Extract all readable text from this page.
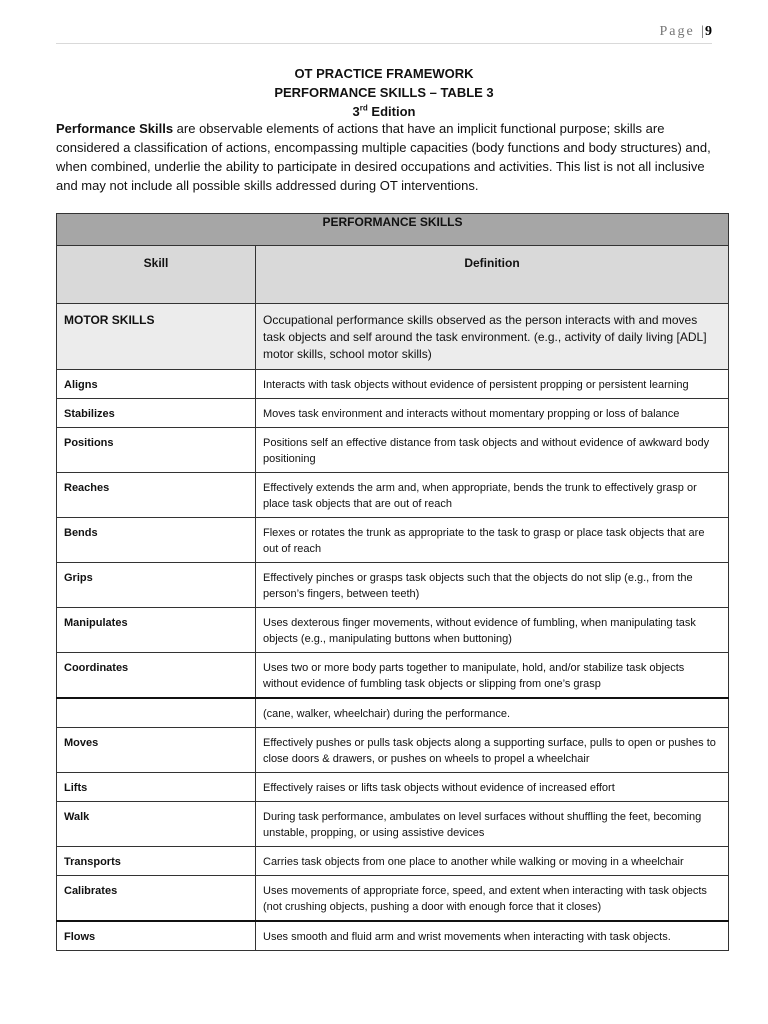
Page |9
OT PRACTICE FRAMEWORK
PERFORMANCE SKILLS – TABLE 3
3rd Edition

Performance Skills are observable elements of actions that have an implicit functional purpose; skills are considered a classification of actions, encompassing multiple capacities (body functions and body structures) and, when combined, underlie the ability to participate in desired occupations and activities. This list is not all inclusive and may not include all possible skills addressed during OT interventions.

PERFORMANCE SKILLS	
Skill	Definition
MOTOR SKILLS	Occupational performance skills observed as the person interacts with and moves task objects and self around the task environment. (e.g., activity of daily living [ADL] motor skills, school motor skills)
Aligns	Interacts with task objects without evidence of persistent propping or persistent learning
Stabilizes	Moves task environment and interacts without momentary propping or loss of balance
Positions	Positions self an effective distance from task objects and without evidence of awkward body positioning
Reaches	Effectively extends the arm and, when appropriate, bends the trunk to effectively grasp or place task objects that are out of reach
Bends	Flexes or rotates the trunk as appropriate to the task to grasp or place task objects that are out of reach
Grips	Effectively pinches or grasps task objects such that the objects do not slip (e.g., from the person’s fingers, between teeth)
Manipulates	Uses dexterous finger movements, without evidence of fumbling, when manipulating task objects (e.g., manipulating buttons when buttoning)
Coordinates	Uses two or more body parts together to manipulate, hold, and/or stabilize task objects without evidence of fumbling task objects or slipping from one’s grasp
	(cane, walker, wheelchair) during the performance.
Moves	Effectively pushes or pulls task objects along a supporting surface, pulls to open or pushes to close doors & drawers, or pushes on wheels to propel a wheelchair
Lifts	Effectively raises or lifts task objects without evidence of increased effort
Walk	During task performance, ambulates on level surfaces without shuffling the feet, becoming unstable, propping, or using assistive devices
Transports	Carries task objects from one place to another while walking or moving in a wheelchair
Calibrates	Uses movements of appropriate force, speed, and extent when interacting with task objects (not crushing objects, pushing a door with enough force that it closes)
Flows	Uses smooth and fluid arm and wrist movements when interacting with task objects.
